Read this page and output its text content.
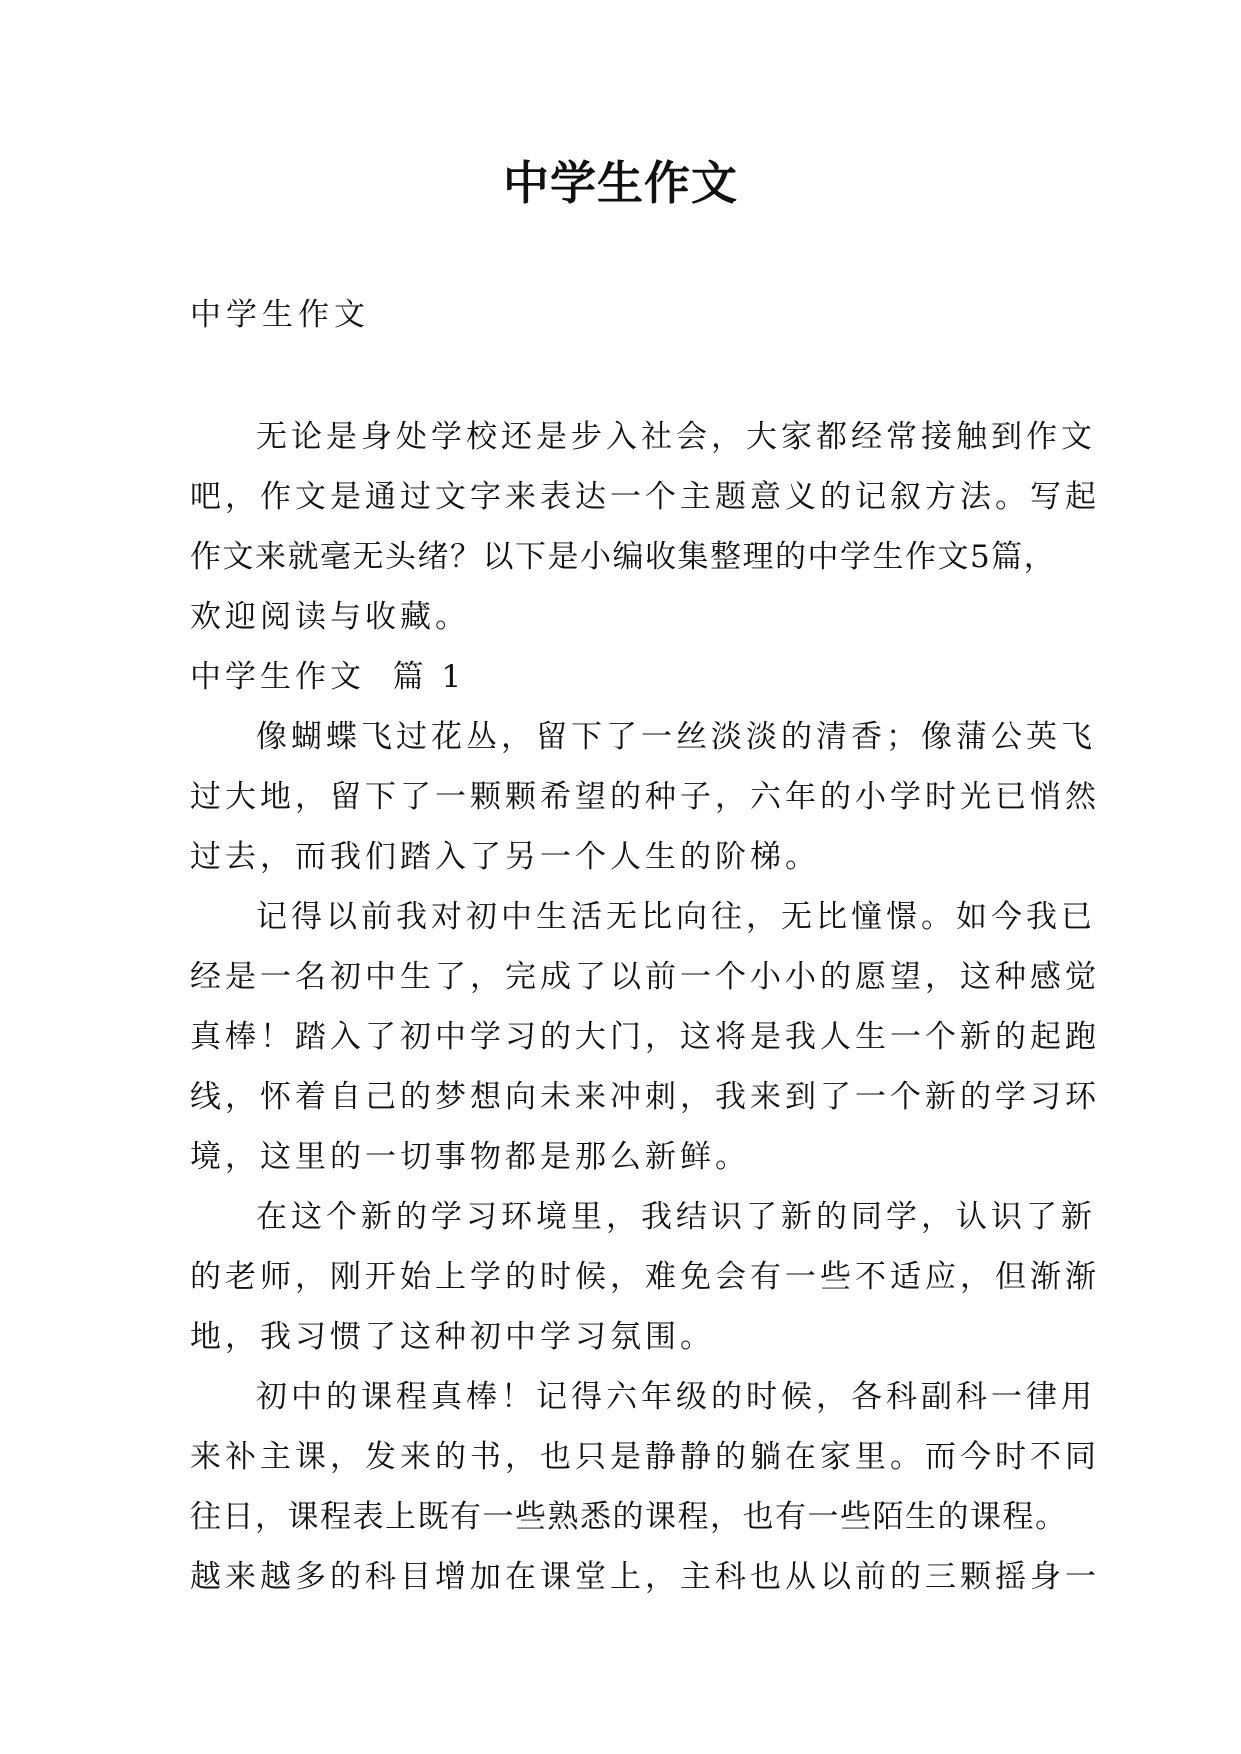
中学生作文
中学生作文
无论是身处学校还是步入社会，大家都经常接触到作文
吧，作文是通过文字来表达一个主题意义的记叙方法。写起
作文来就毫无头绪？以下是小编收集整理的中学生作文5篇，
欢迎阅读与收藏。
中学生作文  篇 1
像蝴蝶飞过花丛，留下了一丝淡淡的清香；像蒲公英飞
过大地，留下了一颗颗希望的种子，六年的小学时光已悄然
过去，而我们踏入了另一个人生的阶梯。
记得以前我对初中生活无比向往，无比憧憬。如今我已
经是一名初中生了，完成了以前一个小小的愿望，这种感觉
真棒！踏入了初中学习的大门，这将是我人生一个新的起跑
线，怀着自己的梦想向未来冲刺，我来到了一个新的学习环
境，这里的一切事物都是那么新鲜。
在这个新的学习环境里，我结识了新的同学，认识了新
的老师，刚开始上学的时候，难免会有一些不适应，但渐渐
地，我习惯了这种初中学习氛围。
初中的课程真棒！记得六年级的时候，各科副科一律用
来补主课，发来的书，也只是静静的躺在家里。而今时不同
往日，课程表上既有一些熟悉的课程，也有一些陌生的课程。
越来越多的科目增加在课堂上，主科也从以前的三颗摇身一
